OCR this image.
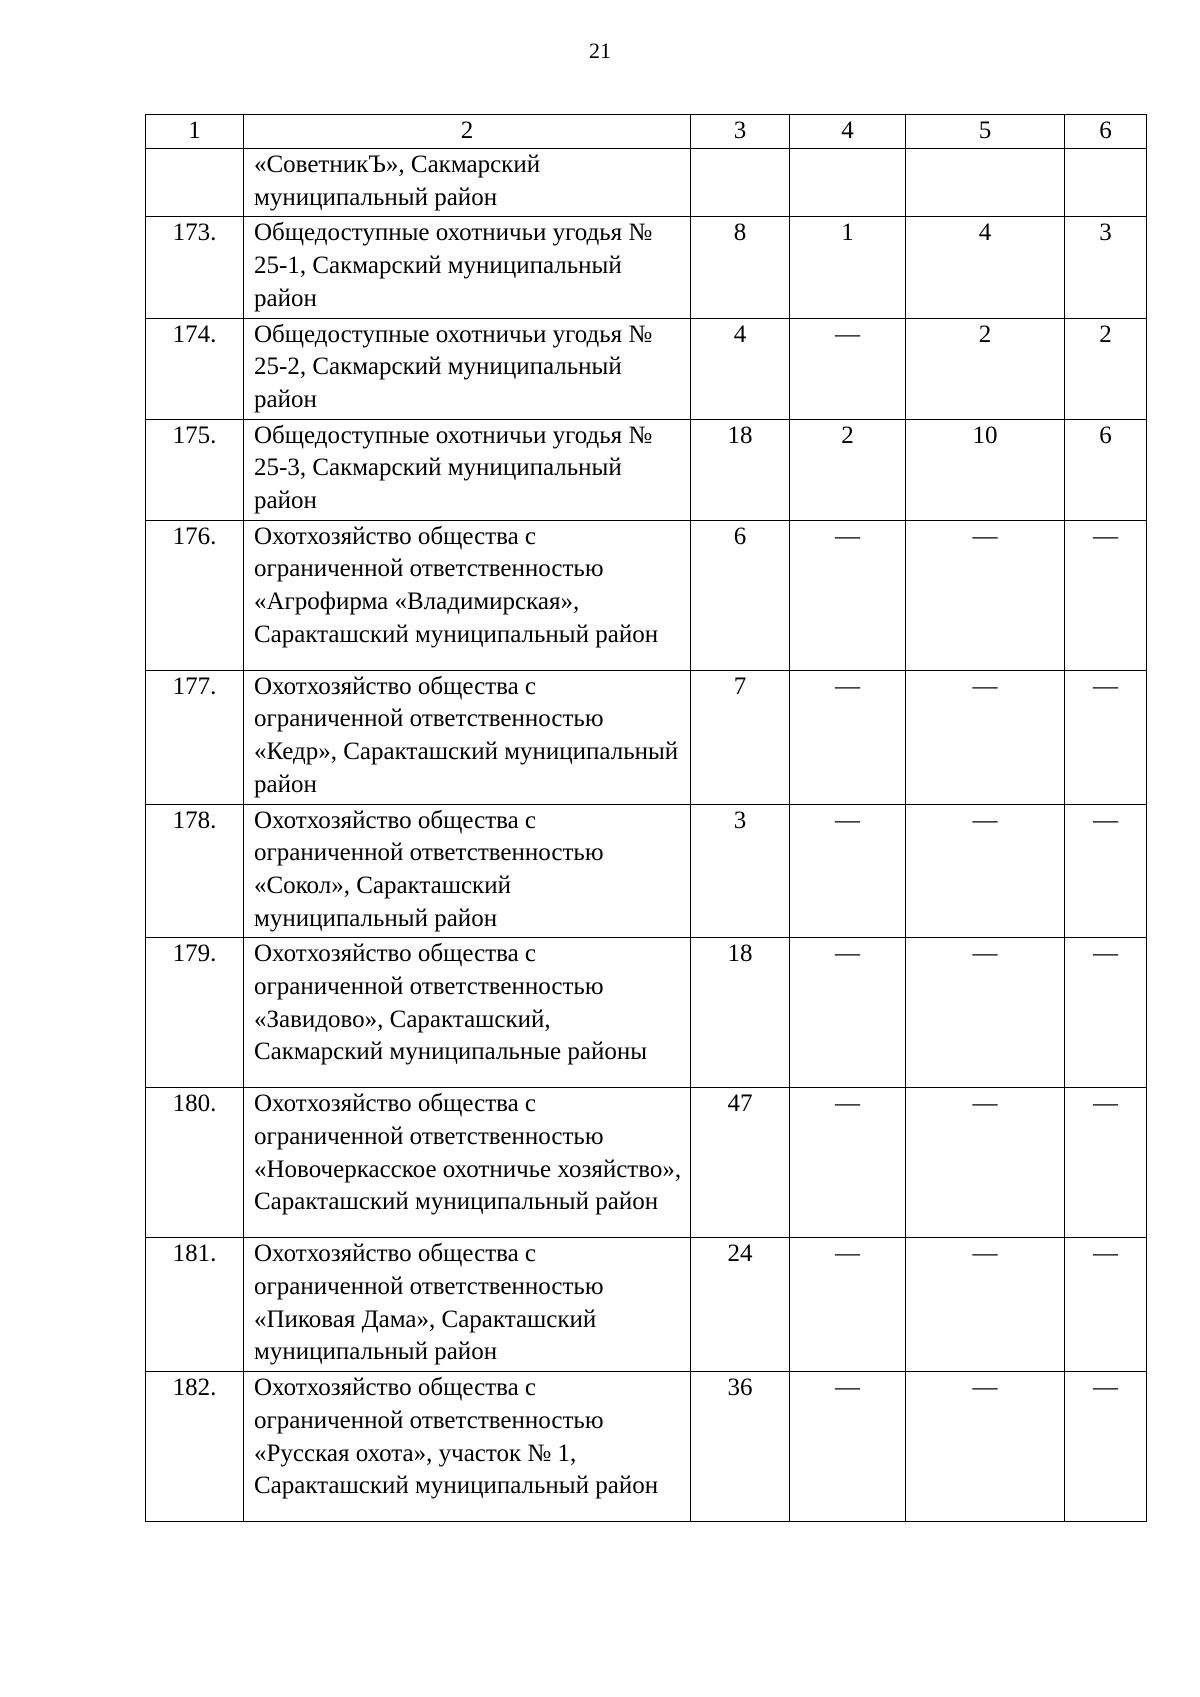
21
1	2	3	4	5	6
	«СоветникЪ», Сакмарский муниципальный район				
173.	Общедоступные охотничьи угодья № 25-1, Сакмарский муниципальный район	8	1	4	3
174.	Общедоступные охотничьи угодья № 25-2, Сакмарский муниципальный район	4	—	2	2
175.	Общедоступные охотничьи угодья № 25-3, Сакмарский муниципальный район	18	2	10	6
176.	Охотхозяйство общества с ограниченной ответственностью «Агрофирма «Владимирская», Саракташский муниципальный район	6	—	—	—
177.	Охотхозяйство общества с ограниченной ответственностью «Кедр», Саракташский муниципальный район	7	—	—	—
178.	Охотхозяйство общества с ограниченной ответственностью «Сокол», Саракташский муниципальный район	3	—	—	—
179.	Охотхозяйство общества с ограниченной ответственностью «Завидово», Саракташский, Сакмарский муниципальные районы	18	—	—	—
180.	Охотхозяйство общества с ограниченной ответственностью «Новочеркасское охотничье хозяйство», Саракташский муниципальный район	47	—	—	—
181.	Охотхозяйство общества с ограниченной ответственностью «Пиковая Дама», Саракташский муниципальный район	24	—	—	—
182.	Охотхозяйство общества с ограниченной ответственностью «Русская охота», участок № 1, Саракташский муниципальный район	36	—	—	—
